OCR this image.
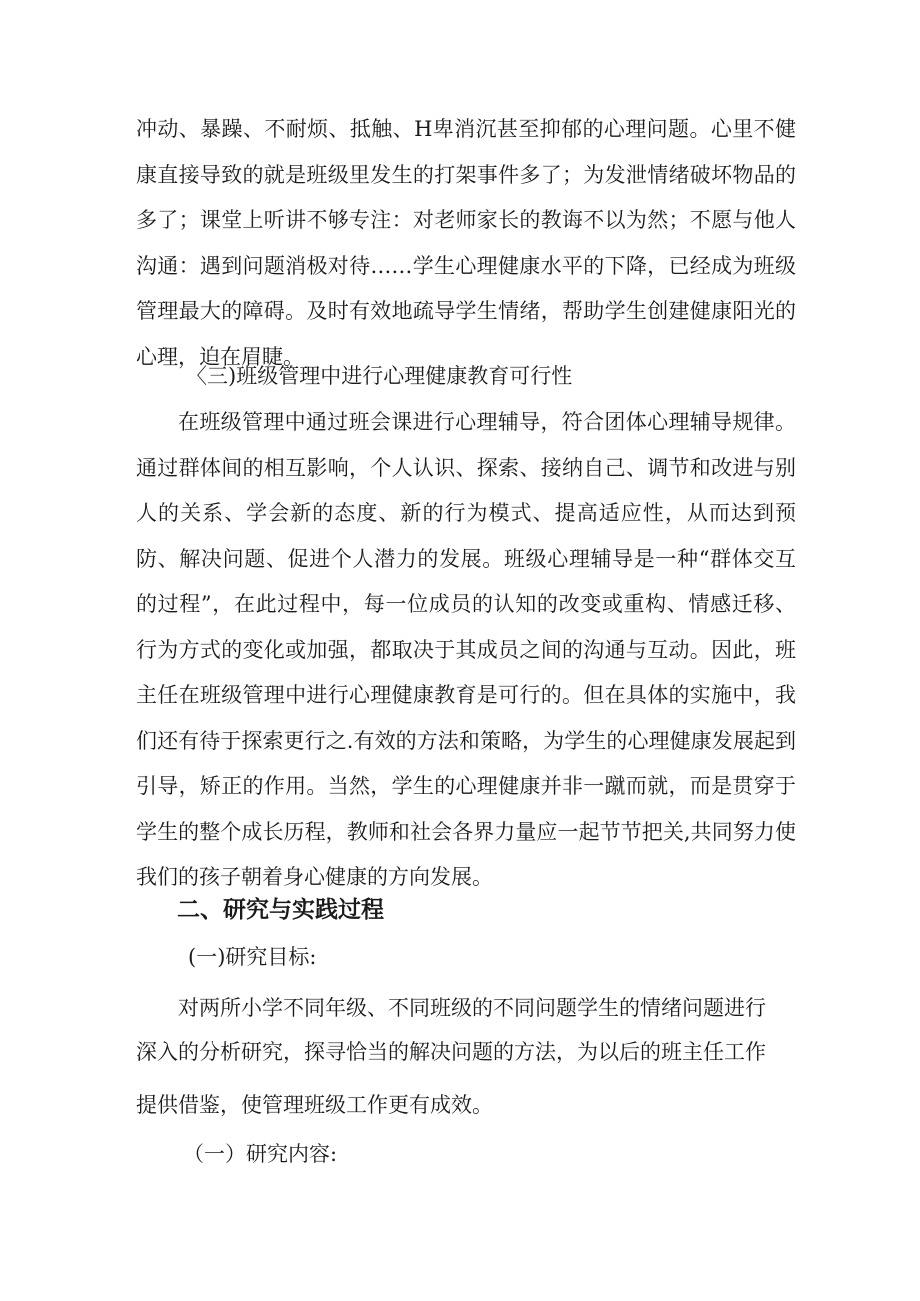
冲动、暴躁、不耐烦、抵触、H卑消沉甚至抑郁的心理问题。心里不健康直接导致的就是班级里发生的打架事件多了；为发泄情绪破坏物品的多了；课堂上听讲不够专注：对老师家长的教诲不以为然；不愿与他人沟通：遇到问题消极对待……学生心理健康水平的下降，已经成为班级管理最大的障碍。及时有效地疏导学生情绪，帮助学生创建健康阳光的心理，迫在眉睫。

〈三)班级管理中进行心理健康教育可行性

在班级管理中通过班会课进行心理辅导，符合团体心理辅导规律。通过群体间的相互影响，个人认识、探索、接纳自己、调节和改进与别人的关系、学会新的态度、新的行为模式、提高适应性，从而达到预防、解决问题、促进个人潜力的发展。班级心理辅导是一种“群体交互的过程”，在此过程中，每一位成员的认知的改变或重构、情感迁移、行为方式的变化或加强，都取决于其成员之间的沟通与互动。因此，班主任在班级管理中进行心理健康教育是可行的。但在具体的实施中，我们还有待于探索更行之.有效的方法和策略，为学生的心理健康发展起到引导，矫正的作用。当然，学生的心理健康并非一蹴而就，而是贯穿于学生的整个成长历程，教师和社会各界力量应一起节节把关,共同努力使我们的孩子朝着身心健康的方向发展。

二、研究与实践过程

(一)研究目标:

对两所小学不同年级、不同班级的不同问题学生的情绪问题进行

深入的分析研究，探寻恰当的解决问题的方法，为以后的班主任工作

提供借鉴，使管理班级工作更有成效。

（一）研究内容:
